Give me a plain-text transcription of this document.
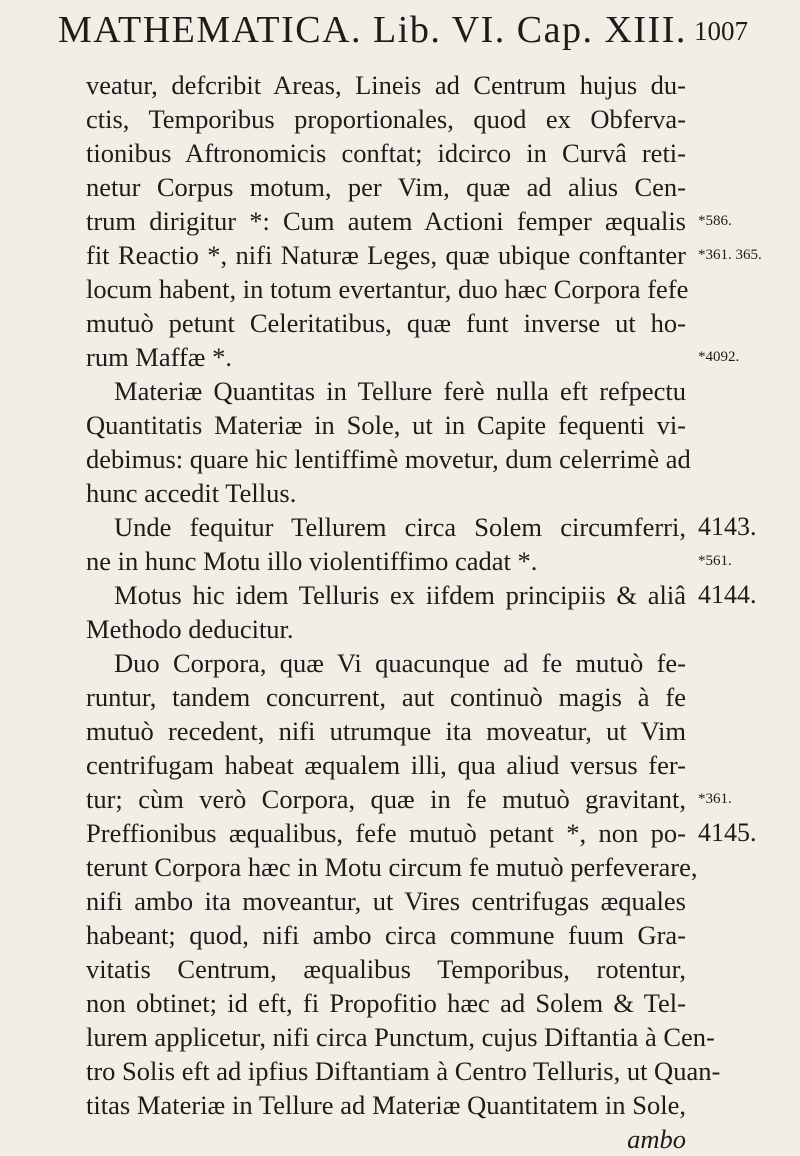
MATHEMATICA. Lib. VI. Cap. XIII. 1007
veatur, defcribit Areas, Lineis ad Centrum hujus du-
ctis, Temporibus proportionales, quod ex Obferva-
tionibus Aftronomicis conftat; idcirco in Curvâ reti-
netur Corpus motum, per Vim, quæ ad alius Cen-
trum dirigitur *: Cum autem Actioni femper æqualis
fit Reactio *, nifi Naturæ Leges, quæ ubique conftanter
locum habent, in totum evertantur, duo hæc Corpora fefe
mutuò petunt Celeritatibus, quæ funt inverse ut ho-
rum Maffæ *.
Materiæ Quantitas in Tellure ferè nulla eft refpectu
Quantitatis Materiæ in Sole, ut in Capite fequenti vi-
debimus: quare hic lentiffimè movetur, dum celerrimè ad
hunc accedit Tellus.
Unde fequitur Tellurem circa Solem circumferri,
ne in hunc Motu illo violentiffimo cadat *.
Motus hic idem Telluris ex iifdem principiis & aliâ
Methodo deducitur.
Duo Corpora, quæ Vi quacunque ad fe mutuò fe-
runtur, tandem concurrent, aut continuò magis à fe
mutuò recedent, nifi utrumque ita moveatur, ut Vim
centrifugam habeat æqualem illi, qua aliud versus fer-
tur; cùm verò Corpora, quæ in fe mutuò gravitant,
Preffionibus æqualibus, fefe mutuò petant *, non po-
terunt Corpora hæc in Motu circum fe mutuò perfeverare,
nifi ambo ita moveantur, ut Vires centrifugas æquales
habeant; quod, nifi ambo circa commune fuum Gra-
vitatis Centrum, æqualibus Temporibus, rotentur,
non obtinet; id eft, fi Propofitio hæc ad Solem & Tel-
lurem applicetur, nifi circa Punctum, cujus Diftantia à Cen-
tro Solis eft ad ipfius Diftantiam à Centro Telluris, ut Quan-
titas Materiæ in Tellure ad Materiæ Quantitatem in Sole,
ambo
*586.
*361. 365.
*4092.
4143.
*561.
4144.
*361.
4145.
